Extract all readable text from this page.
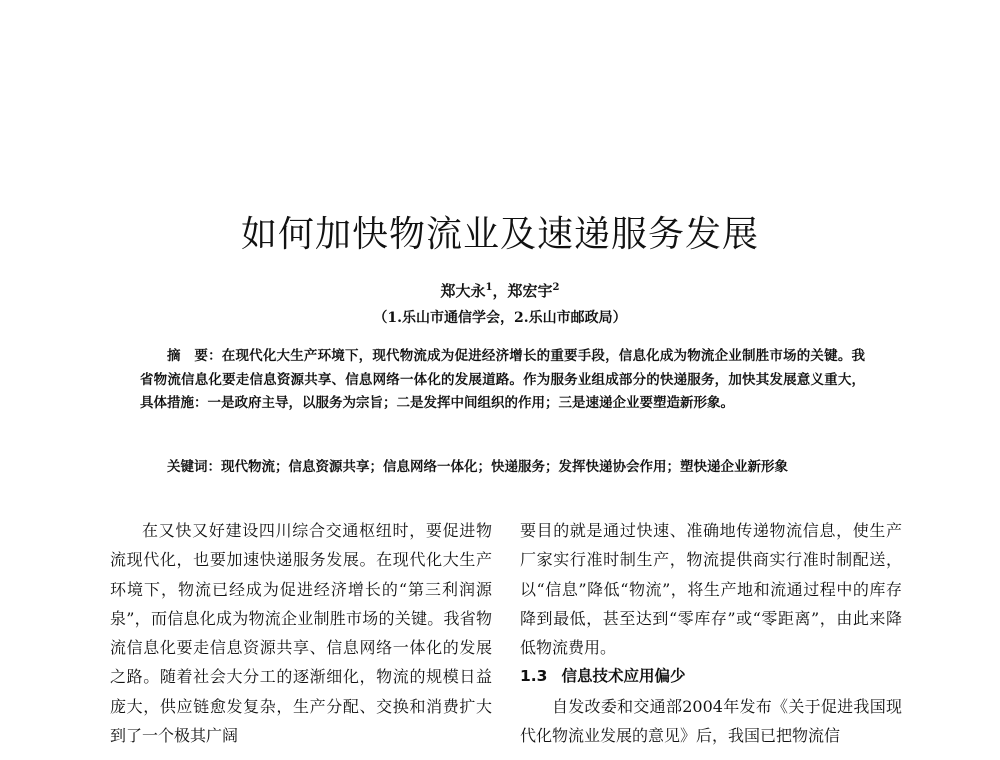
如何加快物流业及速递服务发展
郑大永$^1$，郑宏宇$^2$
（1.乐山市通信学会，2.乐山市邮政局）
摘　要：在现代化大生产环境下，现代物流成为促进经济增长的重要手段，信息化成为物流企业制胜市场的关键。我省物流信息化要走信息资源共享、信息网络一体化的发展道路。作为服务业组成部分的快递服务，加快其发展意义重大，具体措施：一是政府主导，以服务为宗旨；二是发挥中间组织的作用；三是速递企业要塑造新形象。
关键词：现代物流；信息资源共享；信息网络一体化；快递服务；发挥快递协会作用；塑快递企业新形象

在又快又好建设四川综合交通枢纽时，要促进物流现代化，也要加速快递服务发展。在现代化大生产环境下，物流已经成为促进经济增长的“第三利润源泉”，而信息化成为物流企业制胜市场的关键。我省物流信息化要走信息资源共享、信息网络一体化的发展之路。随着社会大分工的逐渐细化，物流的规模日益庞大，供应链愈发复杂，生产分配、交换和消费扩大到了一个极其广阔

要目的就是通过快速、准确地传递物流信息，使生产厂家实行准时制生产，物流提供商实行准时制配送，以“信息”降低“物流”，将生产地和流通过程中的库存降到最低，甚至达到“零库存”或“零距离”，由此来降低物流费用。

1.3 信息技术应用偏少

自发改委和交通部2004年发布《关于促进我国现代化物流业发展的意见》后，我国已把物流信
